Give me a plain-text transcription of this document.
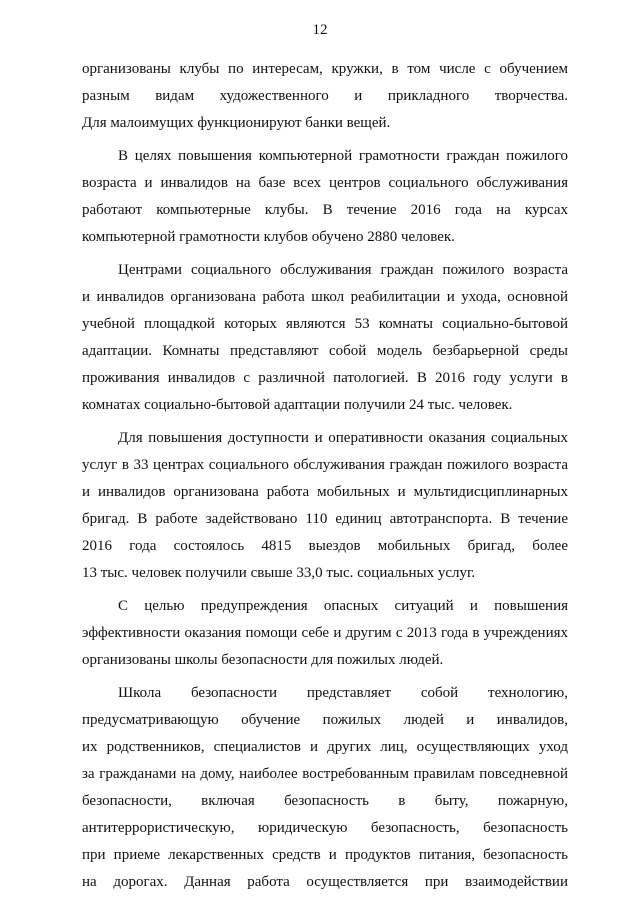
12
организованы клубы по интересам, кружки, в том числе с обучением
разным видам художественного и прикладного творчества.
Для малоимущих функционируют банки вещей.
В целях повышения компьютерной грамотности граждан пожилого
возраста и инвалидов на базе всех центров социального обслуживания
работают компьютерные клубы. В течение 2016 года на курсах
компьютерной грамотности клубов обучено 2880 человек.
Центрами социального обслуживания граждан пожилого возраста
и инвалидов организована работа школ реабилитации и ухода, основной
учебной площадкой которых являются 53 комнаты социально-бытовой
адаптации. Комнаты представляют собой модель безбарьерной среды
проживания инвалидов с различной патологией. В 2016 году услуги в
комнатах социально-бытовой адаптации получили 24 тыс. человек.
Для повышения доступности и оперативности оказания социальных
услуг в 33 центрах социального обслуживания граждан пожилого возраста
и инвалидов организована работа мобильных и мультидисциплинарных
бригад. В работе задействовано 110 единиц автотранспорта. В течение
2016 года состоялось 4815 выездов мобильных бригад, более
13 тыс. человек получили свыше 33,0 тыс. социальных услуг.
С целью предупреждения опасных ситуаций и повышения
эффективности оказания помощи себе и другим с 2013 года в учреждениях
организованы школы безопасности для пожилых людей.
Школа безопасности представляет собой технологию,
предусматривающую обучение пожилых людей и инвалидов,
их родственников, специалистов и других лиц, осуществляющих уход
за гражданами на дому, наиболее востребованным правилам повседневной
безопасности, включая безопасность в быту, пожарную,
антитеррористическую, юридическую безопасность, безопасность
при приеме лекарственных средств и продуктов питания, безопасность
на дорогах. Данная работа осуществляется при взаимодействии
